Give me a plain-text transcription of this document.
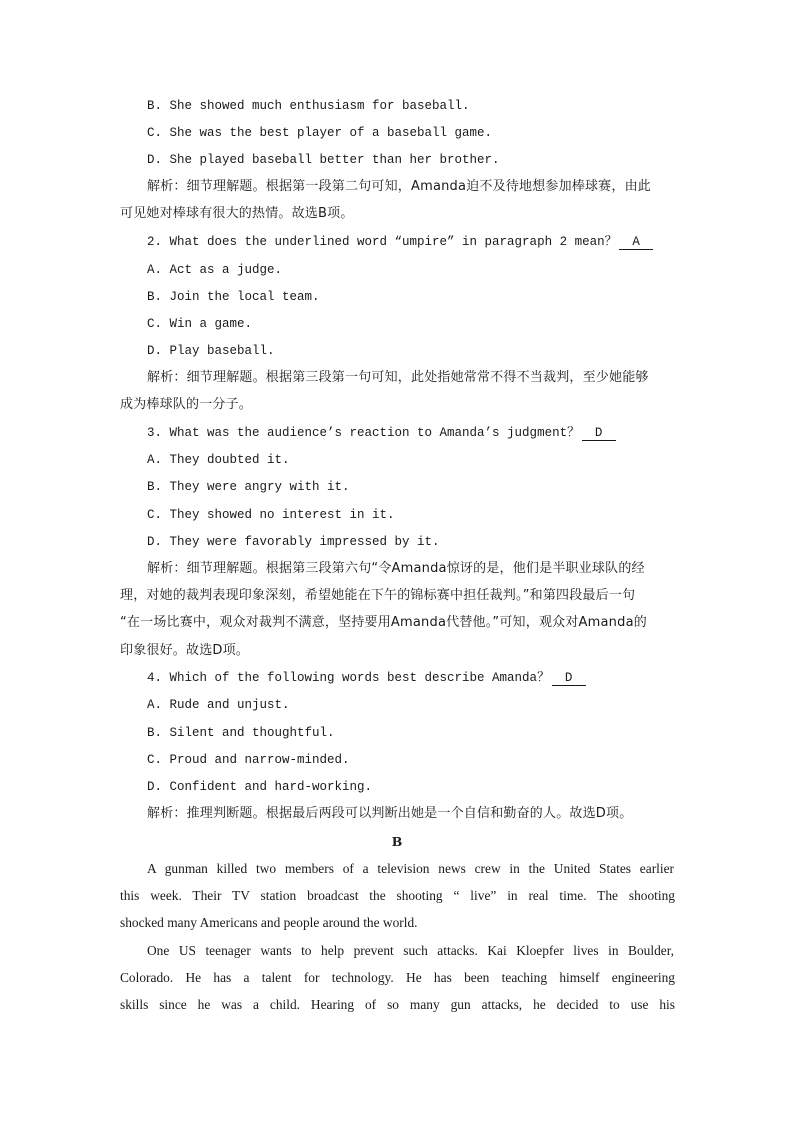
B. She showed much enthusiasm for baseball.
C. She was the best player of a baseball game.
D. She played baseball better than her brother.
解析：细节理解题。根据第一段第二句可知，Amanda迫不及待地想参加棒球赛，由此
可见她对棒球有很大的热情。故选B项。
2. What does the underlined word “umpire” in paragraph 2 mean？ A
A. Act as a judge.
B. Join the local team.
C. Win a game.
D. Play baseball.
解析：细节理解题。根据第三段第一句可知，此处指她常常不得不当裁判，至少她能够
成为棒球队的一分子。
3. What was the audience’s reaction to Amanda’s judgment？ D
A. They doubted it.
B. They were angry with it.
C. They showed no interest in it.
D. They were favorably impressed by it.
解析：细节理解题。根据第三段第六句“令Amanda惊讶的是，他们是半职业球队的经
理，对她的裁判表现印象深刻，希望她能在下午的锦标赛中担任裁判。”和第四段最后一句
“在一场比赛中，观众对裁判不满意，坚持要用Amanda代替他。”可知，观众对Amanda的
印象很好。故选D项。
4. Which of the following words best describe Amanda？ D
A. Rude and unjust.
B. Silent and thoughtful.
C. Proud and narrow-minded.
D. Confident and hard-working.
解析：推理判断题。根据最后两段可以判断出她是一个自信和勤奋的人。故选D项。
B
A gunman killed two members of a television news crew in the United States earlier
this week. Their TV station broadcast the shooting “ live” in real time. The shooting
shocked many Americans and people around the world.
One US teenager wants to help prevent such attacks. Kai Kloepfer lives in Boulder,
Colorado. He has a talent for technology. He has been teaching himself engineering
skills since he was a child. Hearing of so many gun attacks, he decided to use his
